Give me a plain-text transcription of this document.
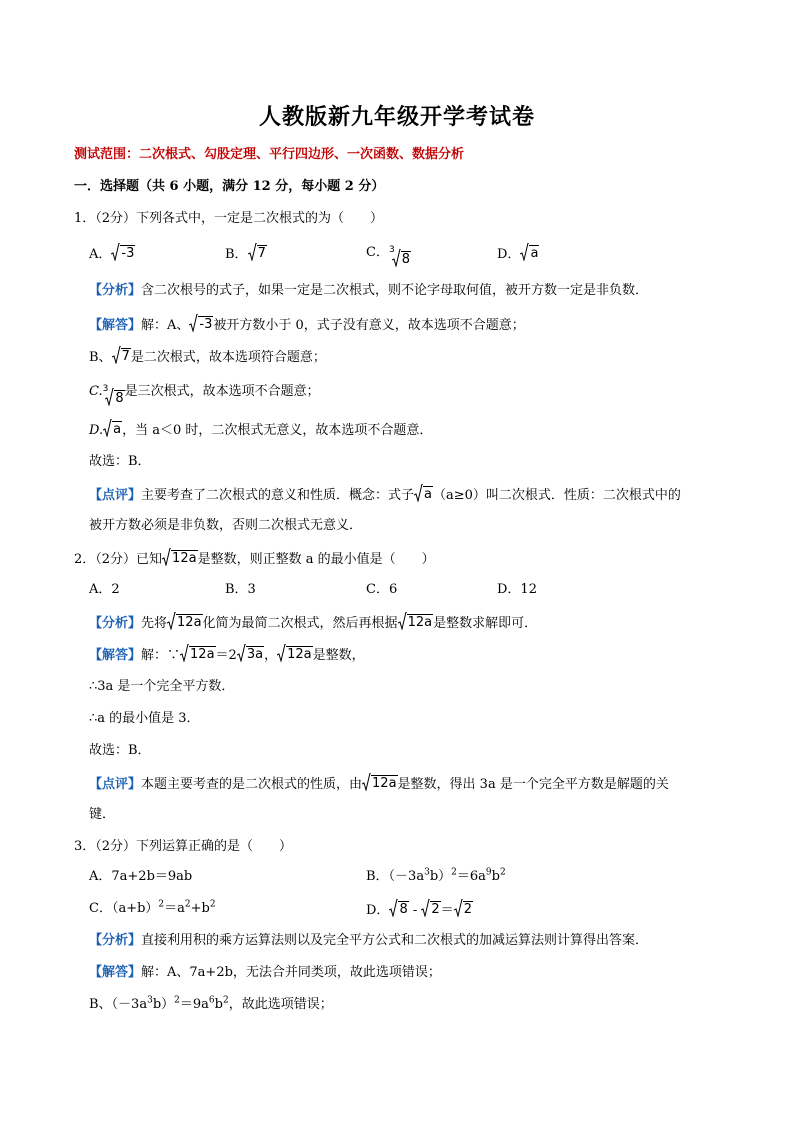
人教版新九年级开学考试卷
测试范围：二次根式、勾股定理、平行四边形、一次函数、数据分析
一．选择题（共 6 小题，满分 12 分，每小题 2 分）
1．（2分）下列各式中，一定是二次根式的为（　　）
A． -3	B． 7	C． 3
8	D． a
【分析】含二次根号的式子，如果一定是二次根式，则不论字母取何值，被开方数一定是非负数．
【解答】解：A、 -3 被开方数小于 0，式子没有意义，故本选项不合题意；
B、 7 是二次根式，故本选项符合题意；
C. 3
8 是三次根式，故本选项不合题意；
D. a ，当 a＜0 时，二次根式无意义，故本选项不合题意．
故选：B．
【点评】主要考查了二次根式的意义和性质．概念：式子 a （a≥0）叫二次根式．性质：二次根式中的
被开方数必须是非负数，否则二次根式无意义．
2．（2分）已知 12a 是整数，则正整数 a 的最小值是（　　）
A．2	B．3	C．6	D．12
【分析】先将 12a 化简为最简二次根式，然后再根据 12a 是整数求解即可．
【解答】解：∵ 12a ＝2 3a ， 12a 是整数，
∴3a 是一个完全平方数．
∴a 的最小值是 3．
故选：B．
【点评】本题主要考查的是二次根式的性质，由 12a 是整数，得出 3a 是一个完全平方数是解题的关
键．
3．（2分）下列运算正确的是（　　）
A．7a+2b＝9ab	B．$(-3a^3b)^2=6a^9b^2$
C．$(a+b)^2=a^2+b^2$	D． 8 - 2 ＝ 2
【分析】直接利用积的乘方运算法则以及完全平方公式和二次根式的加减运算法则计算得出答案．
【解答】解：A、7a+2b，无法合并同类项，故此选项错误；
B、$(-3a^3b)^2=9a^6b^2$，故此选项错误；
